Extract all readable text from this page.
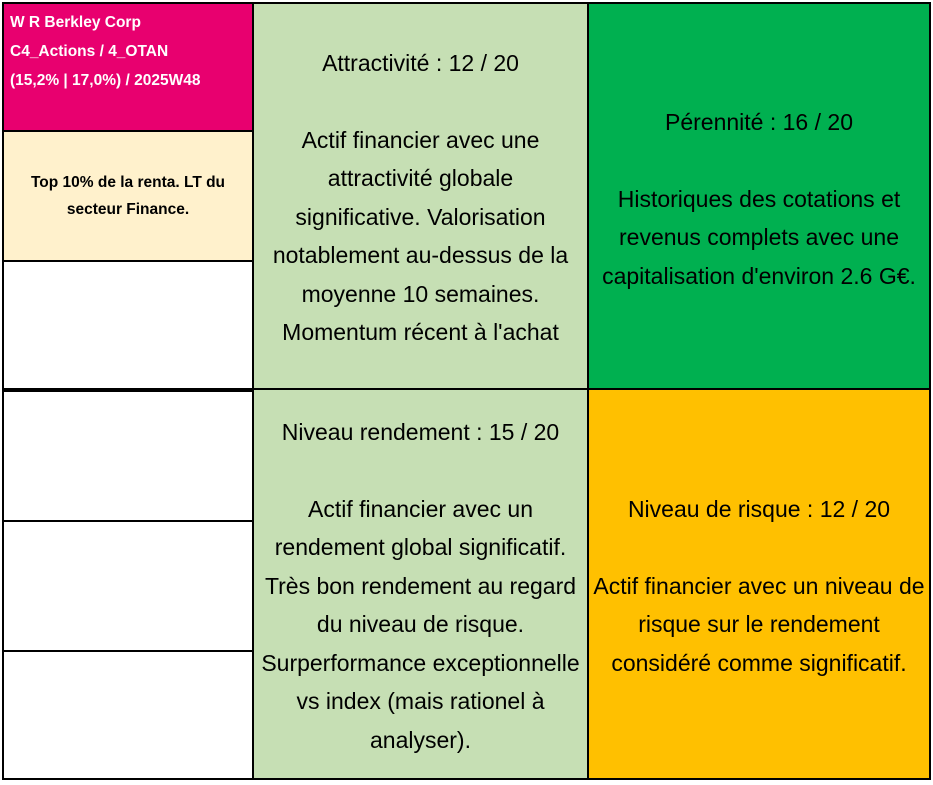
W R Berkley Corp
C4_Actions / 4_OTAN
(15,2% | 17,0%) / 2025W48
Top 10% de la renta. LT du
secteur Finance.
Attractivité : 12 / 20
Actif financier avec une
attractivité globale
significative. Valorisation
notablement au-dessus de la
moyenne 10 semaines.
Momentum récent à l'achat
Pérennité : 16 / 20
Historiques des cotations et
revenus complets avec une
capitalisation d'environ 2.6 G€.
Niveau rendement : 15 / 20
Actif financier avec un
rendement global significatif.
Très bon rendement au regard
du niveau de risque.
Surperformance exceptionnelle
vs index (mais rationel à
analyser).
Niveau de risque : 12 / 20
Actif financier avec un niveau de
risque sur le rendement
considéré comme significatif.
